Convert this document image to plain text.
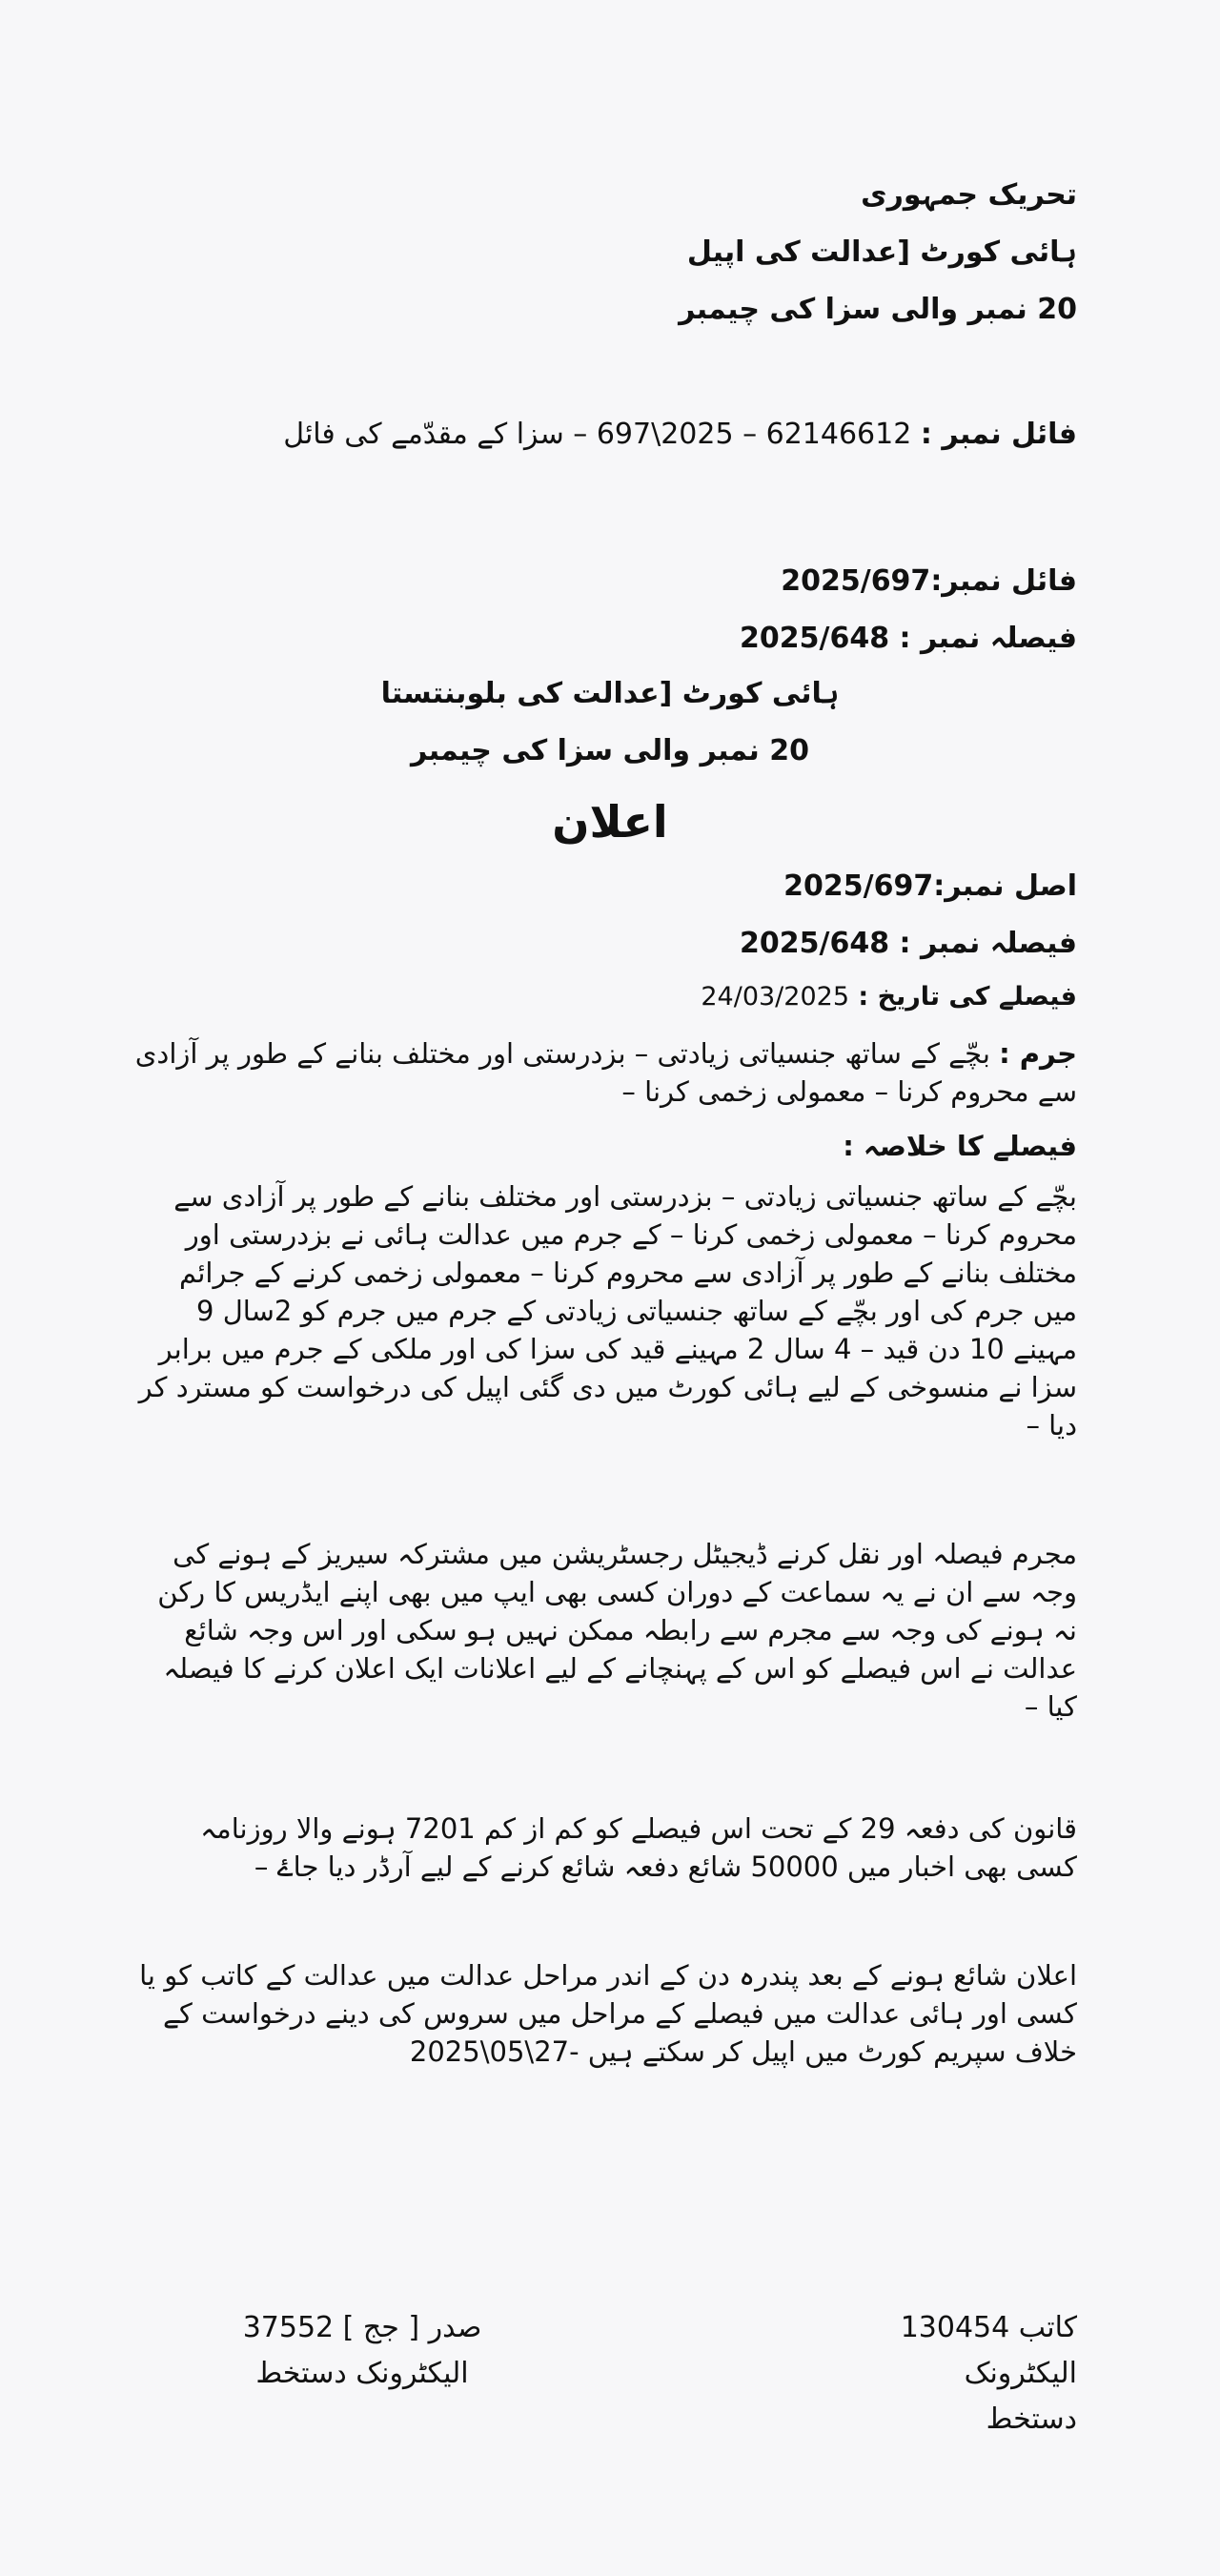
تحریک جمہوری
ہائی کورٹ [عدالت کی اپیل
20 نمبر والی سزا کی چیمبر
فائل نمبر : 62146612 – 2025\697 – سزا کے مقدّمے کی فائل
فائل نمبر:2025/697
فیصلہ نمبر : 2025/648
ہائی کورٹ [عدالت کی بلوبنتستا
20 نمبر والی سزا کی چیمبر
اعلان
اصل نمبر:2025/697
فیصلہ نمبر : 2025/648
فیصلے کی تاریخ : 24/03/2025
جرم : بچّے کے ساتھ جنسیاتی زیادتی – بزدرستی اور مختلف بنانے کے طور پر آزادی سے محروم کرنا – معمولی زخمی کرنا –
فیصلے کا خلاصہ :
بچّے کے ساتھ جنسیاتی زیادتی – بزدرستی اور مختلف بنانے کے طور پر آزادی سے محروم کرنا – معمولی زخمی کرنا – کے جرم میں عدالت ہائی نے بزدرستی اور مختلف بنانے کے طور پر آزادی سے محروم کرنا – معمولی زخمی کرنے کے جرائم میں جرم کی اور بچّے کے ساتھ جنسیاتی زیادتی کے جرم میں جرم کو 2سال 9 مہینے 10 دن قید – 4 سال 2 مہینے قید کی سزا کی اور ملکی کے جرم میں برابر سزا نے منسوخی کے لیے ہائی کورٹ میں دی گئی اپیل کی درخواست کو مسترد کر دیا –
مجرم فیصلہ اور نقل کرنے ڈیجیٹل رجسٹریشن میں مشترکہ سیریز کے ہونے کی وجہ سے ان نے یہ سماعت کے دوران کسی بھی ایپ میں بھی اپنے ایڈریس کا رکن نہ ہونے کی وجہ سے مجرم سے رابطہ ممکن نہیں ہو سکی اور اس وجہ شائع عدالت نے اس فیصلے کو اس کے پہنچانے کے لیے اعلانات ایک اعلان کرنے کا فیصلہ کیا –
قانون کی دفعہ 29 کے تحت اس فیصلے کو کم از کم 7201 ہونے والا روزنامہ کسی بھی اخبار میں 50000 شائع‎ دفعہ شائع کرنے کے لیے آرڈر دیا جاۓ –
اعلان شائع ہونے کے بعد پندرہ دن کے اندر مراحل عدالت میں عدالت کے کاتب کو یا کسی اور ہائی عدالت میں فیصلے کے مراحل میں سروس کی دینے درخواست کے خلاف سپریم کورٹ میں اپیل کر سکتے ہیں -27\05\2025
کاتب 130454
الیکٹرونک
دستخط
صدر [ جج ] 37552
الیکٹرونک دستخط
